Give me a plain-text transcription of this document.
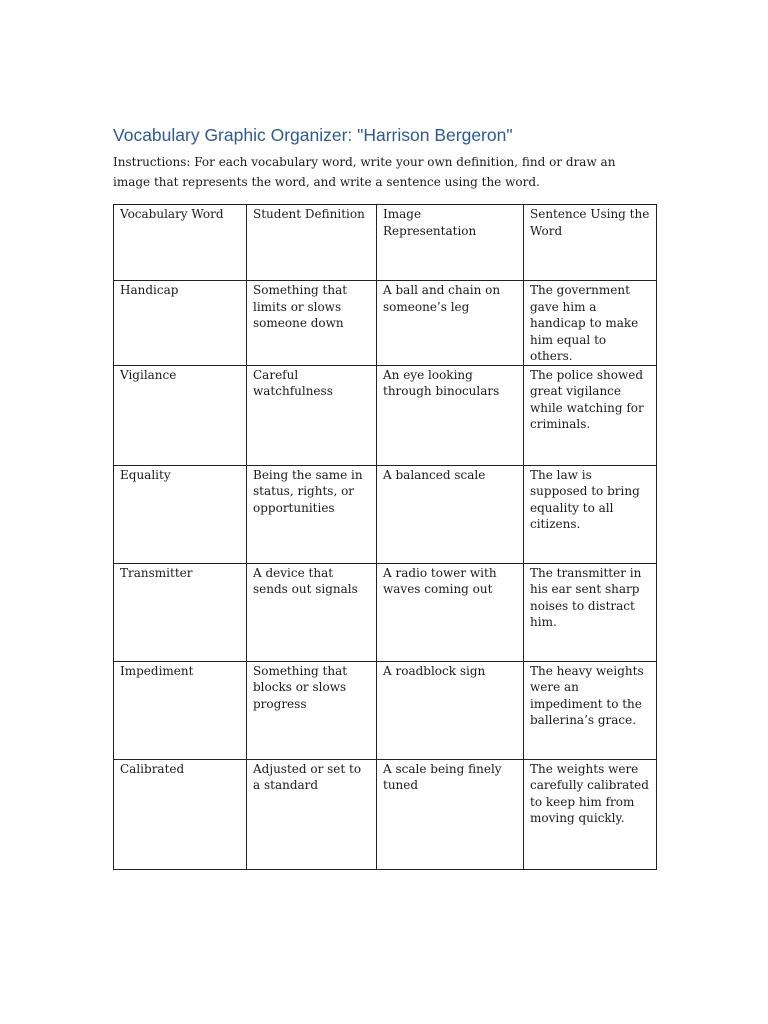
Vocabulary Graphic Organizer: "Harrison Bergeron"

Instructions: For each vocabulary word, write your own definition, find or draw an image that represents the word, and write a sentence using the word.

Vocabulary Word	Student Definition	Image Representation	Sentence Using the Word
Handicap	Something that limits or slows someone down	A ball and chain on someone’s leg	The government gave him a handicap to make him equal to others.
Vigilance	Careful watchfulness	An eye looking through binoculars	The police showed great vigilance while watching for criminals.
Equality	Being the same in status, rights, or opportunities	A balanced scale	The law is supposed to bring equality to all citizens.
Transmitter	A device that sends out signals	A radio tower with waves coming out	The transmitter in his ear sent sharp noises to distract him.
Impediment	Something that blocks or slows progress	A roadblock sign	The heavy weights were an impediment to the ballerina’s grace.
Calibrated	Adjusted or set to a standard	A scale being finely tuned	The weights were carefully calibrated to keep him from moving quickly.
